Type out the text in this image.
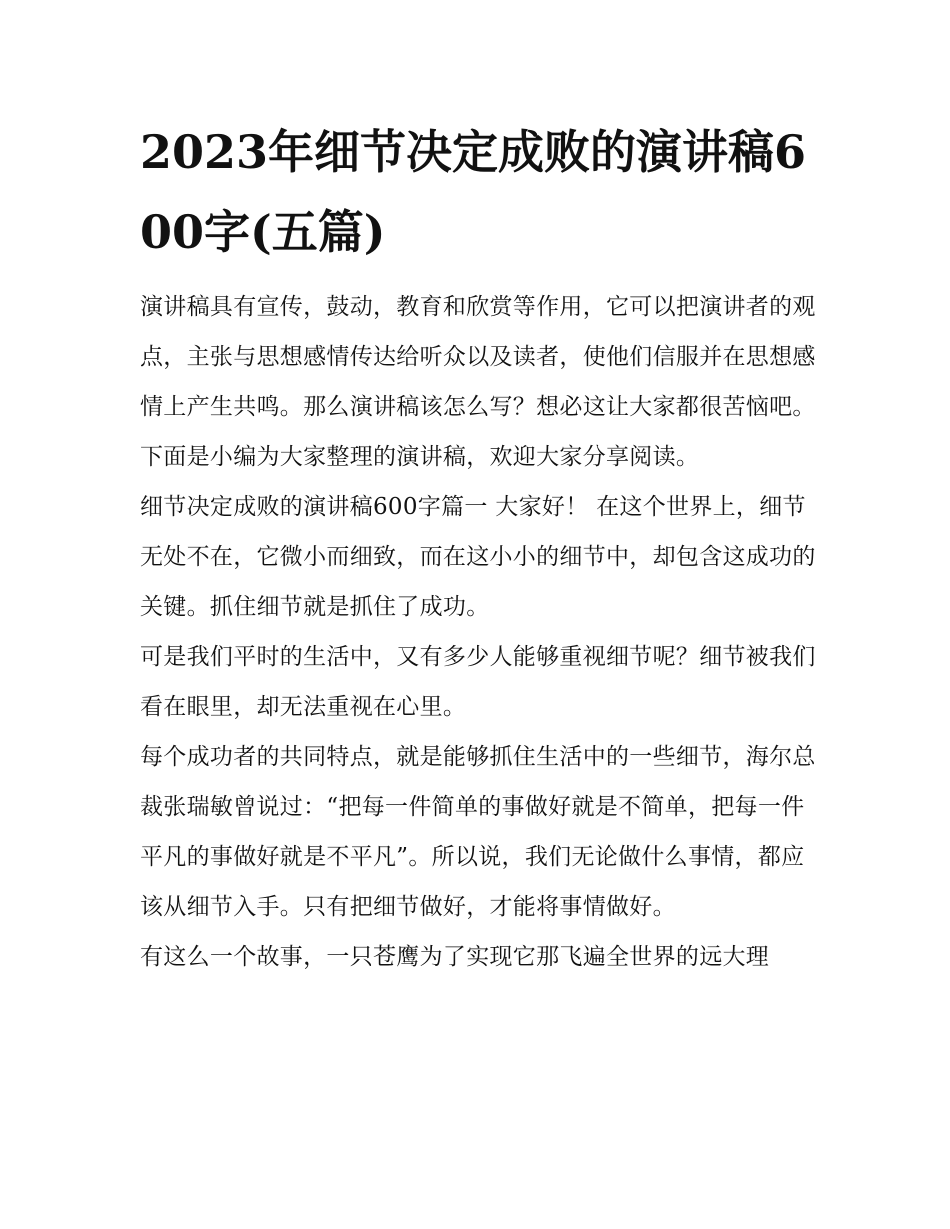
2023年细节决定成败的演讲稿600字(五篇)

演讲稿具有宣传，鼓动，教育和欣赏等作用，它可以把演讲者的观点，主张与思想感情传达给听众以及读者，使他们信服并在思想感情上产生共鸣。那么演讲稿该怎么写？想必这让大家都很苦恼吧。下面是小编为大家整理的演讲稿，欢迎大家分享阅读。

细节决定成败的演讲稿600字篇一 大家好！ 在这个世界上，细节无处不在，它微小而细致，而在这小小的细节中，却包含这成功的关键。抓住细节就是抓住了成功。

可是我们平时的生活中，又有多少人能够重视细节呢？细节被我们看在眼里，却无法重视在心里。

每个成功者的共同特点，就是能够抓住生活中的一些细节，海尔总裁张瑞敏曾说过：“把每一件简单的事做好就是不简单，把每一件平凡的事做好就是不平凡”。所以说，我们无论做什么事情，都应该从细节入手。只有把细节做好，才能将事情做好。

有这么一个故事，一只苍鹰为了实现它那飞遍全世界的远大理
